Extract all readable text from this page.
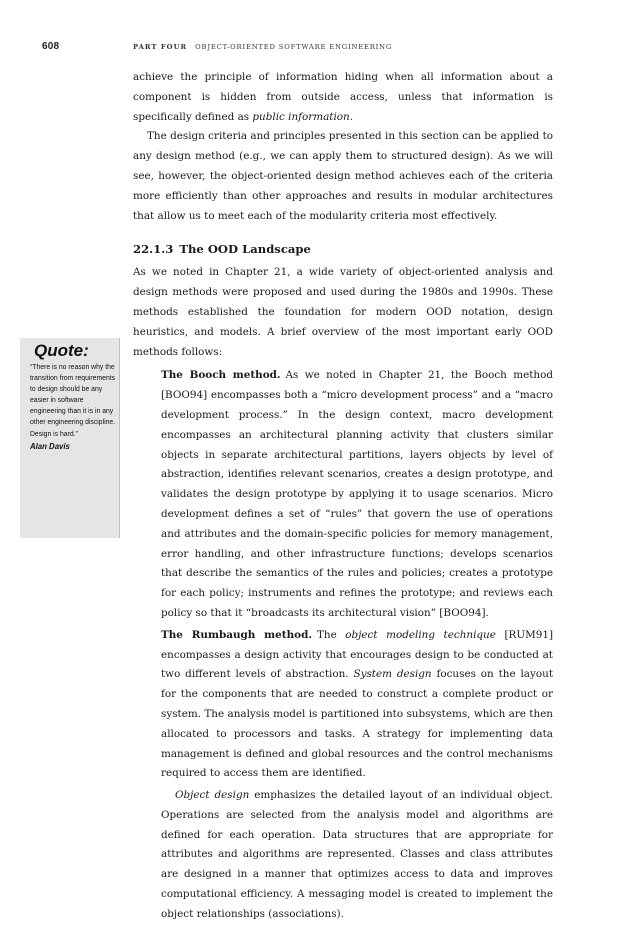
608	PART FOUR OBJECT-ORIENTED SOFTWARE ENGINEERING
Quote:
“There is no reason why the transition from requirements to design should be any easier in software engineering than it is in any other engineering discipline. Design is hard.”
Alan Davis

achieve the principle of information hiding when all information about a component is hidden from outside access, unless that information is specifically defined as public information.

The design criteria and principles presented in this section can be applied to any design method (e.g., we can apply them to structured design). As we will see, however, the object-oriented design method achieves each of the criteria more efficiently than other approaches and results in modular architectures that allow us to meet each of the modularity criteria most effectively.

22.1.3 The OOD Landscape

As we noted in Chapter 21, a wide variety of object-oriented analysis and design methods were proposed and used during the 1980s and 1990s. These methods established the foundation for modern OOD notation, design heuristics, and models. A brief overview of the most important early OOD methods follows:

The Booch method. As we noted in Chapter 21, the Booch method [BOO94] encompasses both a “micro development process” and a “macro development process.” In the design context, macro development encompasses an architectural planning activity that clusters similar objects in separate architectural partitions, layers objects by level of abstraction, identifies relevant scenarios, creates a design prototype, and validates the design prototype by applying it to usage scenarios. Micro development defines a set of “rules” that govern the use of operations and attributes and the domain-specific policies for memory management, error handling, and other infrastructure functions; develops scenarios that describe the semantics of the rules and policies; creates a prototype for each policy; instruments and refines the prototype; and reviews each policy so that it “broadcasts its architectural vision” [BOO94].

The Rumbaugh method. The object modeling technique [RUM91] encompasses a design activity that encourages design to be conducted at two different levels of abstraction. System design focuses on the layout for the components that are needed to construct a complete product or system. The analysis model is partitioned into subsystems, which are then allocated to processors and tasks. A strategy for implementing data management is defined and global resources and the control mechanisms required to access them are identified.

Object design emphasizes the detailed layout of an individual object. Operations are selected from the analysis model and algorithms are defined for each operation. Data structures that are appropriate for attributes and algorithms are represented. Classes and class attributes are designed in a manner that optimizes access to data and improves computational efficiency. A messaging model is created to implement the object relationships (associations).
